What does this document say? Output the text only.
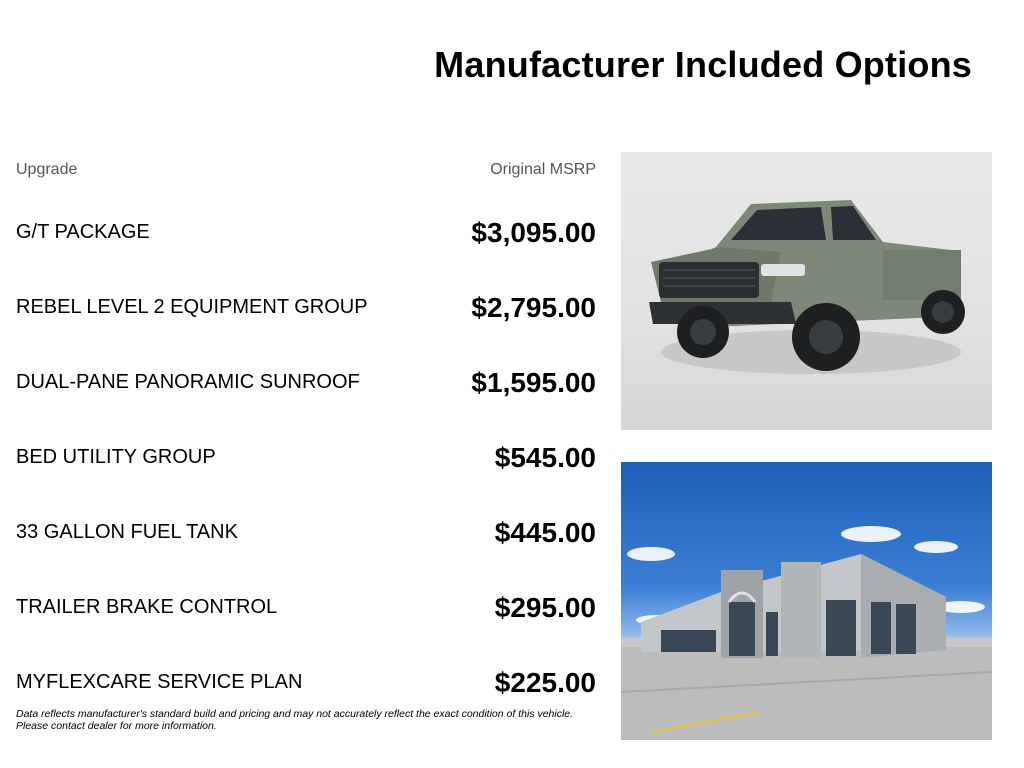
Manufacturer Included Options
Upgrade	Original MSRP
G/T PACKAGE	$3,095.00
REBEL LEVEL 2 EQUIPMENT GROUP	$2,795.00
DUAL-PANE PANORAMIC SUNROOF	$1,595.00
BED UTILITY GROUP	$545.00
33 GALLON FUEL TANK	$445.00
TRAILER BRAKE CONTROL	$295.00
MYFLEXCARE SERVICE PLAN	$225.00
Data reflects manufacturer's standard build and pricing and may not accurately reflect the exact condition of this vehicle.
Please contact dealer for more information.
